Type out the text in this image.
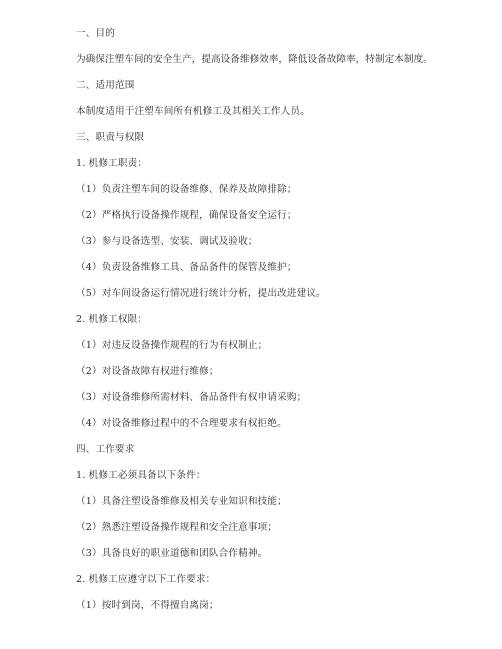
一、目的
为确保注塑车间的安全生产，提高设备维修效率，降低设备故障率，特制定本制度。
二、适用范围
本制度适用于注塑车间所有机修工及其相关工作人员。
三、职责与权限
1. 机修工职责：
（1）负责注塑车间的设备维修、保养及故障排除；
（2）严格执行设备操作规程，确保设备安全运行；
（3）参与设备选型、安装、调试及验收；
（4）负责设备维修工具、备品备件的保管及维护；
（5）对车间设备运行情况进行统计分析，提出改进建议。
2. 机修工权限：
（1）对违反设备操作规程的行为有权制止；
（2）对设备故障有权进行维修；
（3）对设备维修所需材料、备品备件有权申请采购；
（4）对设备维修过程中的不合理要求有权拒绝。
四、工作要求
1. 机修工必须具备以下条件：
（1）具备注塑设备维修及相关专业知识和技能；
（2）熟悉注塑设备操作规程和安全注意事项；
（3）具备良好的职业道德和团队合作精神。
2. 机修工应遵守以下工作要求：
（1）按时到岗，不得擅自离岗；
